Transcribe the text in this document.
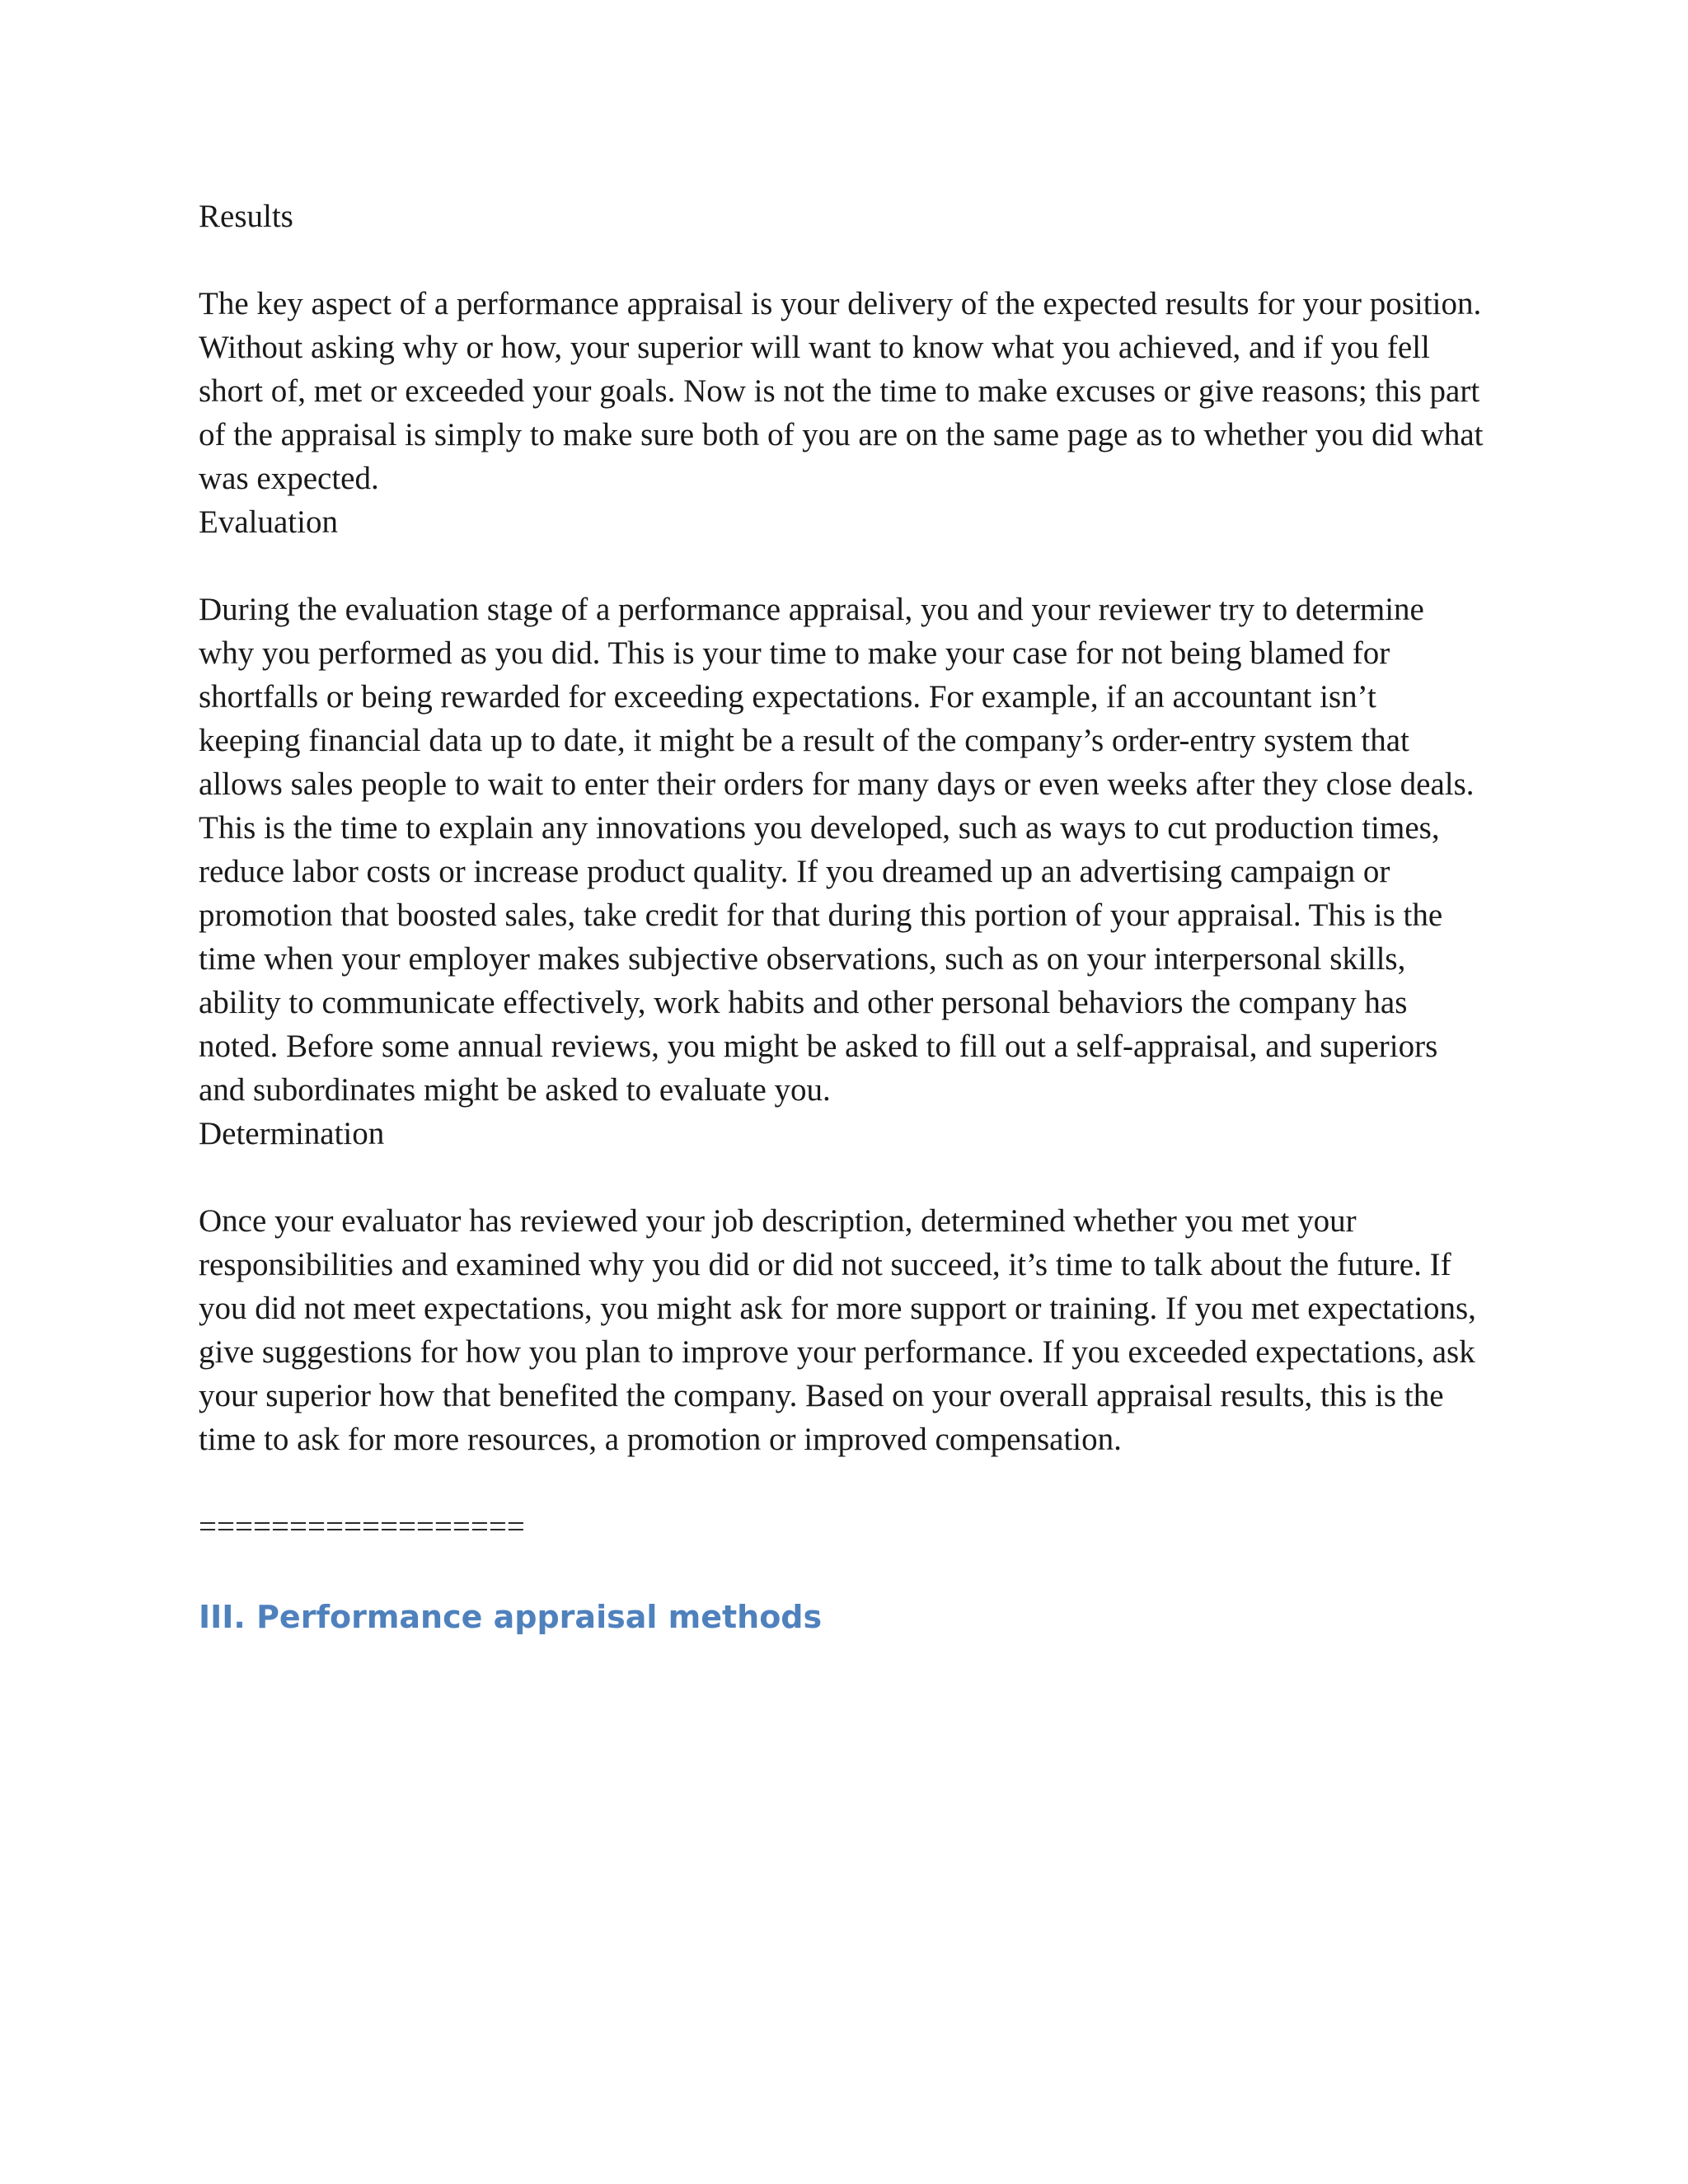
Results

The key aspect of a performance appraisal is your delivery of the expected results for your position. Without asking why or how, your superior will want to know what you achieved, and if you fell short of, met or exceeded your goals. Now is not the time to make excuses or give reasons; this part of the appraisal is simply to make sure both of you are on the same page as to whether you did what was expected.

Evaluation

During the evaluation stage of a performance appraisal, you and your reviewer try to determine why you performed as you did. This is your time to make your case for not being blamed for shortfalls or being rewarded for exceeding expectations. For example, if an accountant isn’t keeping financial data up to date, it might be a result of the company’s order-entry system that allows sales people to wait to enter their orders for many days or even weeks after they close deals. This is the time to explain any innovations you developed, such as ways to cut production times, reduce labor costs or increase product quality. If you dreamed up an advertising campaign or promotion that boosted sales, take credit for that during this portion of your appraisal. This is the time when your employer makes subjective observations, such as on your interpersonal skills, ability to communicate effectively, work habits and other personal behaviors the company has noted. Before some annual reviews, you might be asked to fill out a self-appraisal, and superiors and subordinates might be asked to evaluate you.

Determination

Once your evaluator has reviewed your job description, determined whether you met your responsibilities and examined why you did or did not succeed, it’s time to talk about the future. If you did not meet expectations, you might ask for more support or training. If you met expectations, give suggestions for how you plan to improve your performance. If you exceeded expectations, ask your superior how that benefited the company. Based on your overall appraisal results, this is the time to ask for more resources, a promotion or improved compensation.

==================

III. Performance appraisal methods
